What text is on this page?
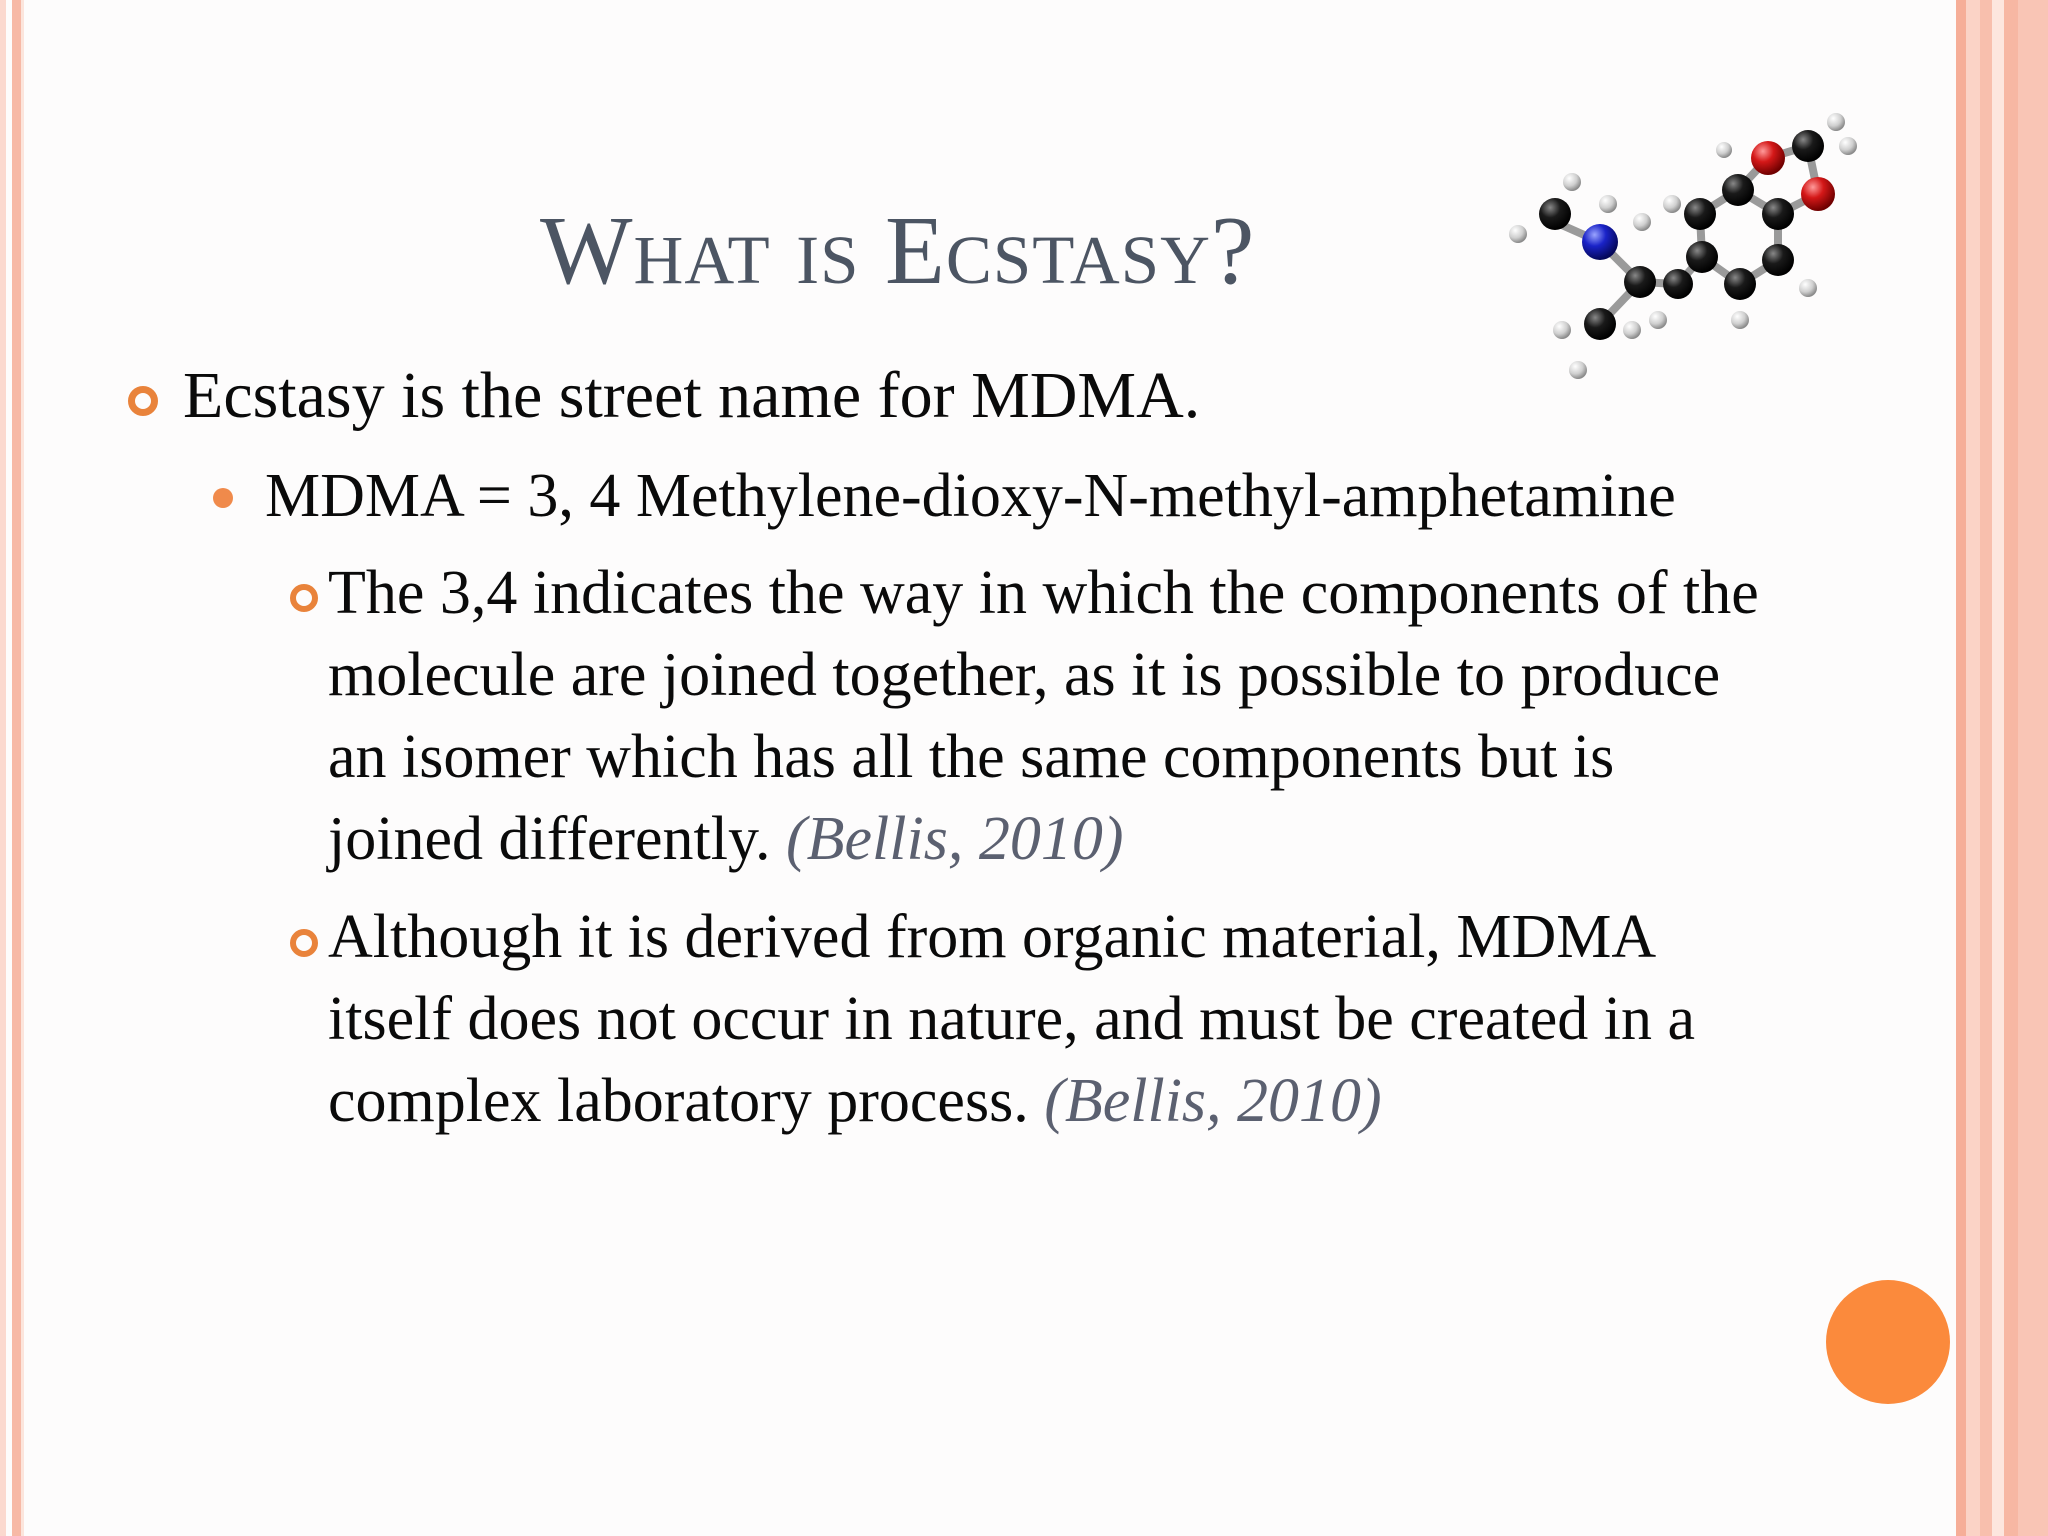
What is Ecstasy?

Ecstasy is the street name for MDMA.

MDMA = 3, 4 Methylene-dioxy-N-methyl-amphetamine

The 3,4 indicates the way in which the components of the
molecule are joined together, as it is possible to produce
an isomer which has all the same components but is
joined differently. (Bellis, 2010)

Although it is derived from organic material, MDMA
itself does not occur in nature, and must be created in a
complex laboratory process. (Bellis, 2010)
